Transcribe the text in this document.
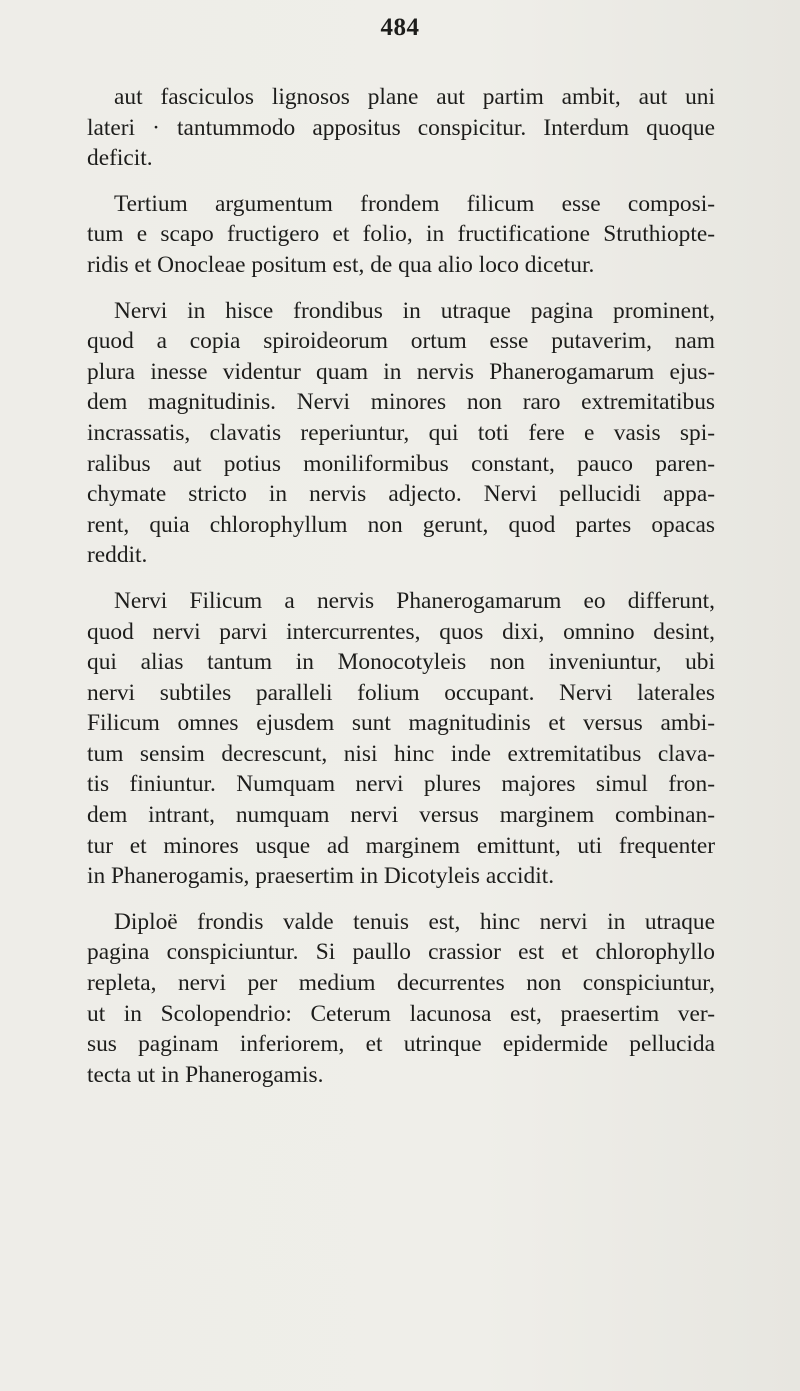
484
aut fasciculos lignosos plane aut partim ambit, aut uni
lateri · tantummodo appositus conspicitur. Interdum quoque
deficit.
Tertium argumentum frondem filicum esse composi-
tum e scapo fructigero et folio, in fructificatione Struthiopte-
ridis et Onocleae positum est, de qua alio loco dicetur.
Nervi in hisce frondibus in utraque pagina prominent,
quod a copia spiroideorum ortum esse putaverim, nam
plura inesse videntur quam in nervis Phanerogamarum ejus-
dem magnitudinis. Nervi minores non raro extremitatibus
incrassatis, clavatis reperiuntur, qui toti fere e vasis spi-
ralibus aut potius moniliformibus constant, pauco paren-
chymate stricto in nervis adjecto. Nervi pellucidi appa-
rent, quia chlorophyllum non gerunt, quod partes opacas
reddit.
Nervi Filicum a nervis Phanerogamarum eo differunt,
quod nervi parvi intercurrentes, quos dixi, omnino desint,
qui alias tantum in Monocotyleis non inveniuntur, ubi
nervi subtiles paralleli folium occupant. Nervi laterales
Filicum omnes ejusdem sunt magnitudinis et versus ambi-
tum sensim decrescunt, nisi hinc inde extremitatibus clava-
tis finiuntur. Numquam nervi plures majores simul fron-
dem intrant, numquam nervi versus marginem combinan-
tur et minores usque ad marginem emittunt, uti frequenter
in Phanerogamis, praesertim in Dicotyleis accidit.
Diploë frondis valde tenuis est, hinc nervi in utraque
pagina conspiciuntur. Si paullo crassior est et chlorophyllo
repleta, nervi per medium decurrentes non conspiciuntur,
ut in Scolopendrio: Ceterum lacunosa est, praesertim ver-
sus paginam inferiorem, et utrinque epidermide pellucida
tecta ut in Phanerogamis.
